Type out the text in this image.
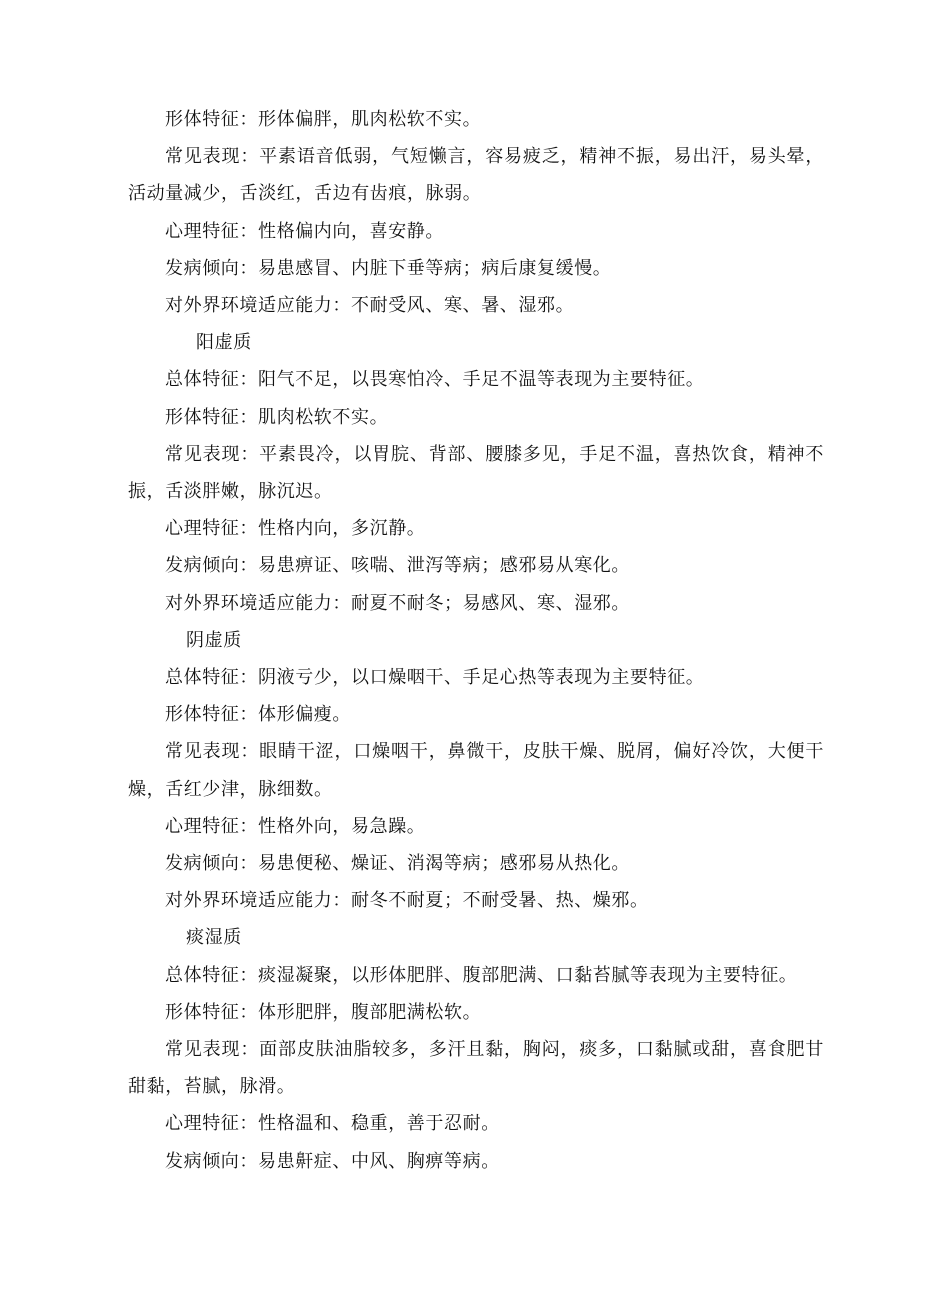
形体特征：形体偏胖，肌肉松软不实。

常见表现：平素语音低弱，气短懒言，容易疲乏，精神不振，易出汗，易头晕，活动量减少，舌淡红，舌边有齿痕，脉弱。

心理特征：性格偏内向，喜安静。

发病倾向：易患感冒、内脏下垂等病；病后康复缓慢。

对外界环境适应能力：不耐受风、寒、暑、湿邪。

阳虚质

总体特征：阳气不足，以畏寒怕冷、手足不温等表现为主要特征。

形体特征：肌肉松软不实。

常见表现：平素畏冷，以胃脘、背部、腰膝多见，手足不温，喜热饮食，精神不振，舌淡胖嫩，脉沉迟。

心理特征：性格内向，多沉静。

发病倾向：易患痹证、咳喘、泄泻等病；感邪易从寒化。

对外界环境适应能力：耐夏不耐冬；易感风、寒、湿邪。

阴虚质

总体特征：阴液亏少，以口燥咽干、手足心热等表现为主要特征。

形体特征：体形偏瘦。

常见表现：眼睛干涩，口燥咽干，鼻微干，皮肤干燥、脱屑，偏好冷饮，大便干燥，舌红少津，脉细数。

心理特征：性格外向，易急躁。

发病倾向：易患便秘、燥证、消渴等病；感邪易从热化。

对外界环境适应能力：耐冬不耐夏；不耐受暑、热、燥邪。

痰湿质

总体特征：痰湿凝聚，以形体肥胖、腹部肥满、口黏苔腻等表现为主要特征。

形体特征：体形肥胖，腹部肥满松软。

常见表现：面部皮肤油脂较多，多汗且黏，胸闷，痰多，口黏腻或甜，喜食肥甘甜黏，苔腻，脉滑。

心理特征：性格温和、稳重，善于忍耐。

发病倾向：易患鼾症、中风、胸痹等病。
